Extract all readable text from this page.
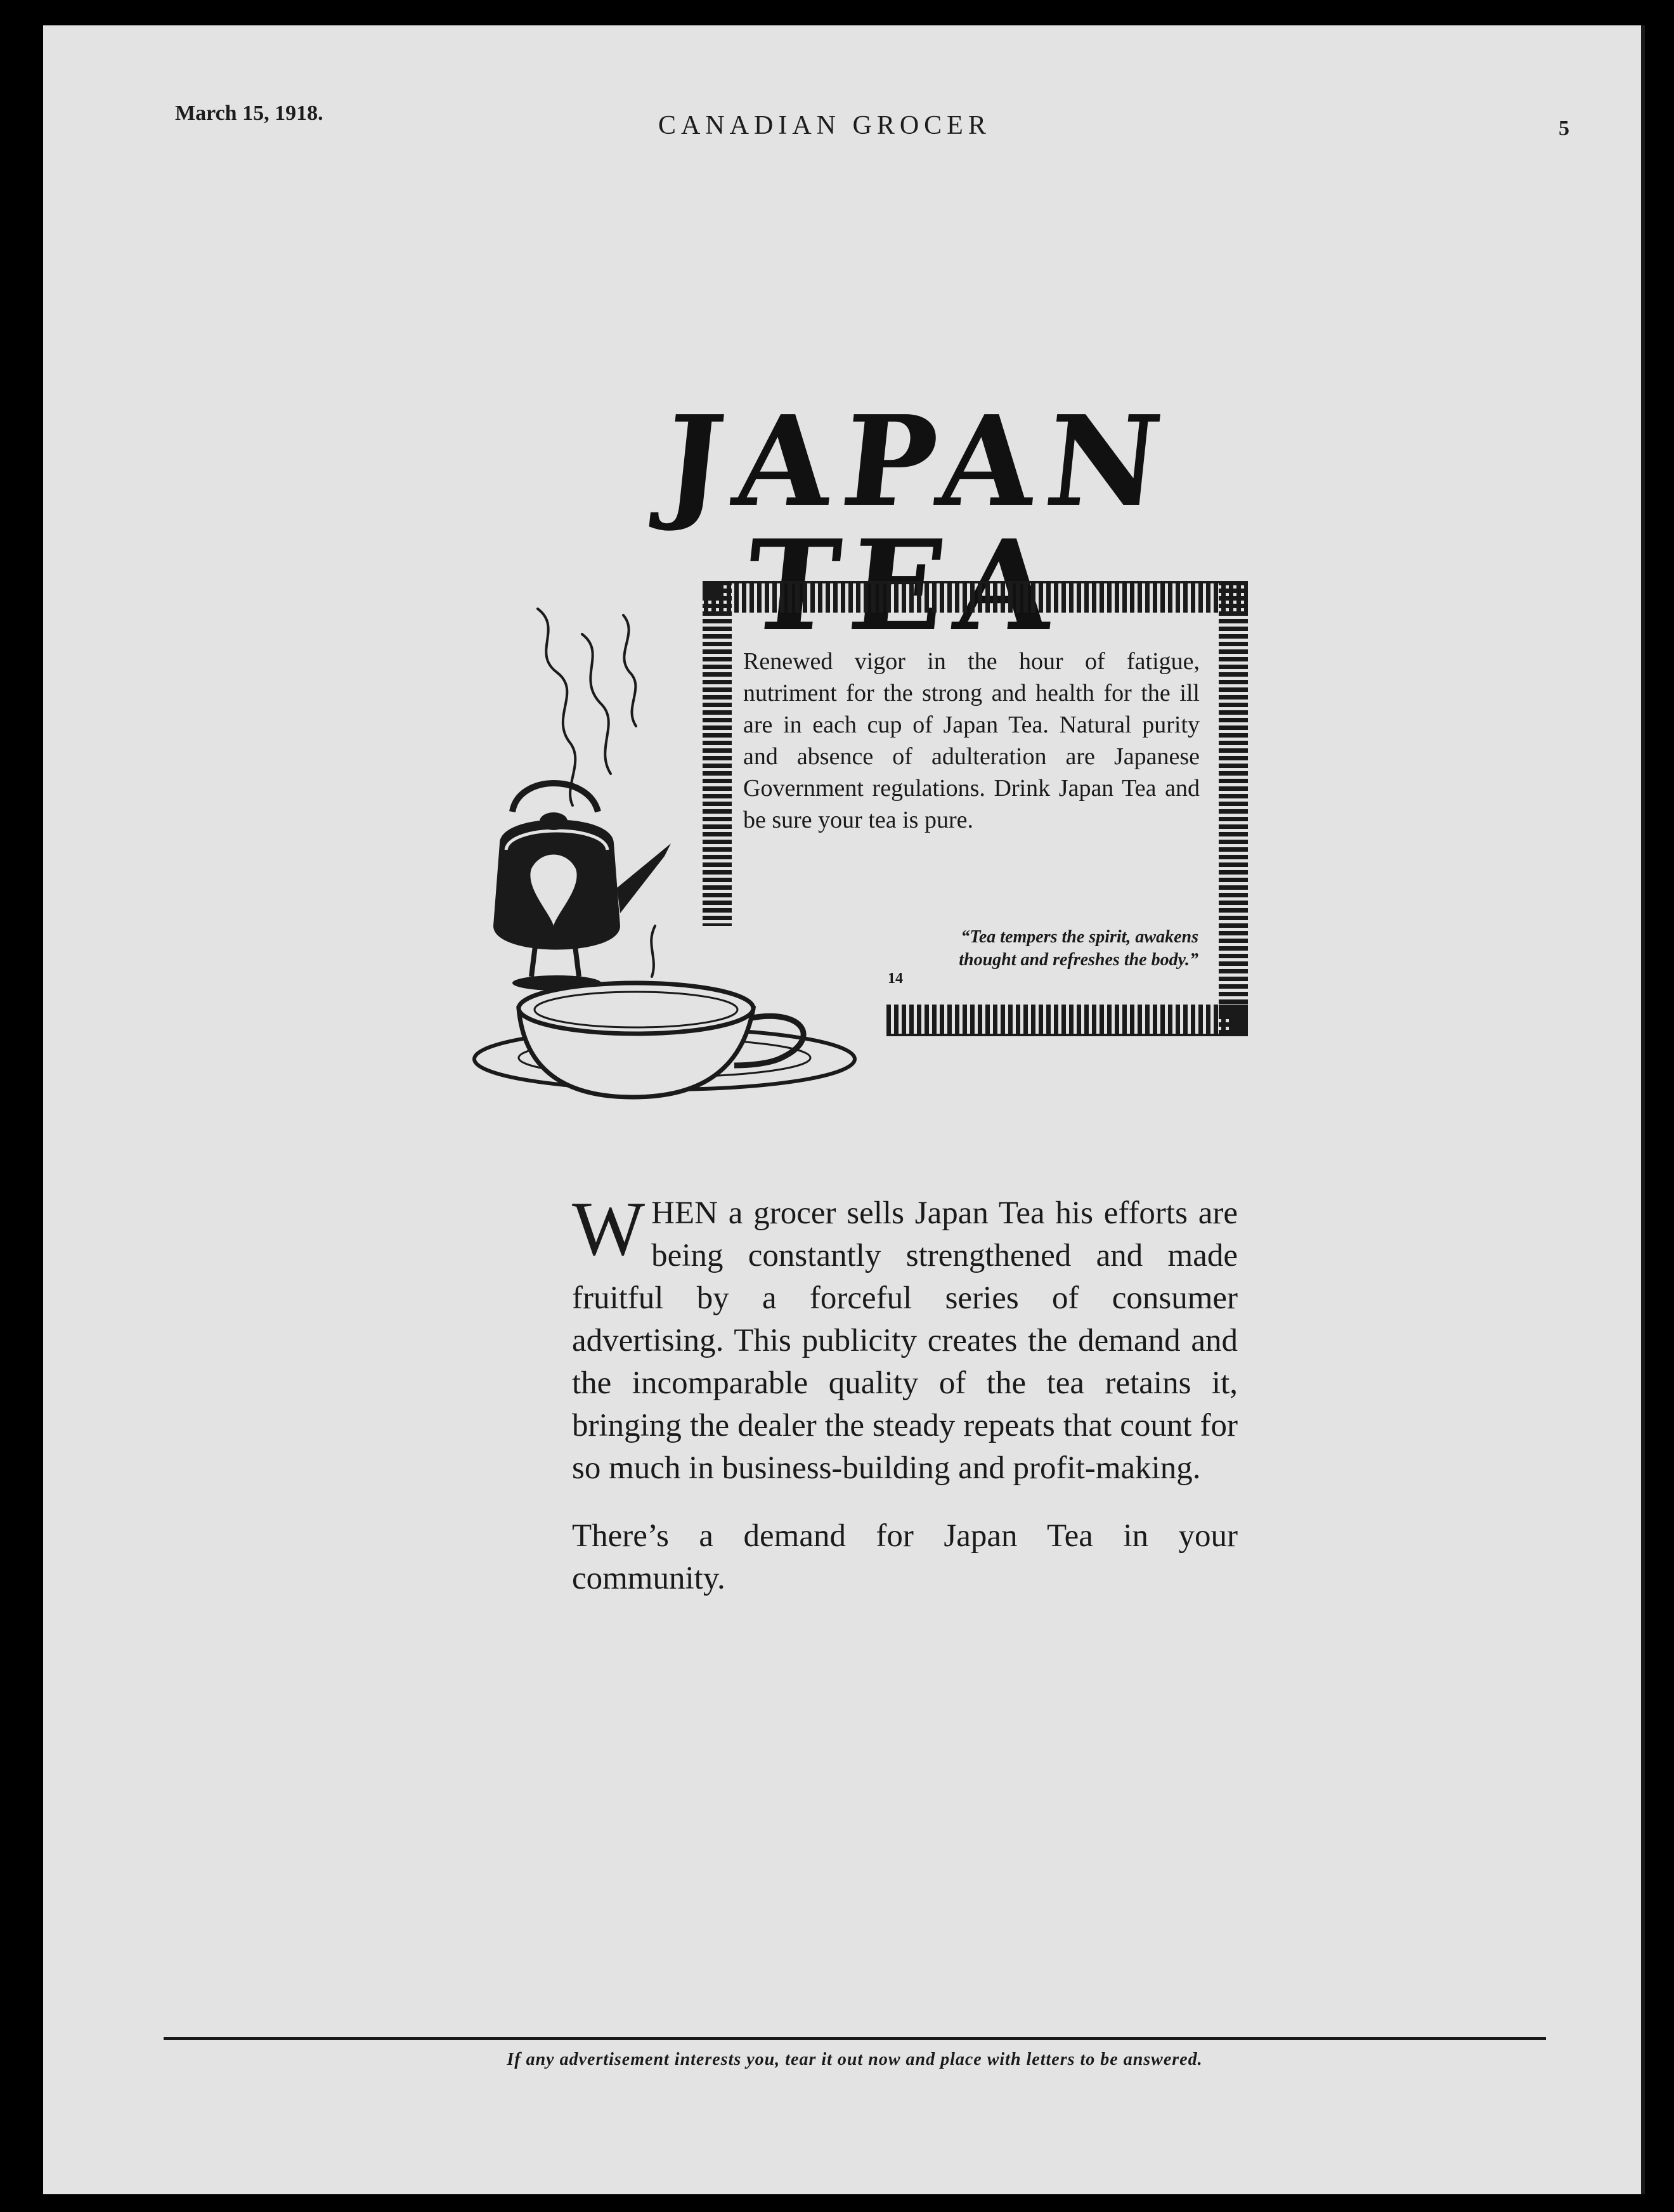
March 15, 1918.	CANADIAN GROCER	5
JAPAN
Renewed vigor in the hour of fatigue, nutriment for the strong and health for the ill are in each cup of Japan Tea. Natural purity and absence of adulteration are Japanese Government regulations. Drink Japan Tea and be sure your tea is pure.
14
“Tea tempers the spirit, awakens thought and refreshes the body.”

WHEN a grocer sells Japan Tea his efforts are being constantly strengthened and made fruitful by a forceful series of consumer advertising. This publicity creates the demand and the incomparable quality of the tea retains it, bringing the dealer the steady repeats that count for so much in business-building and profit-making.

There’s a demand for Japan Tea in your community.

If any advertisement interests you, tear it out now and place with letters to be answered.
